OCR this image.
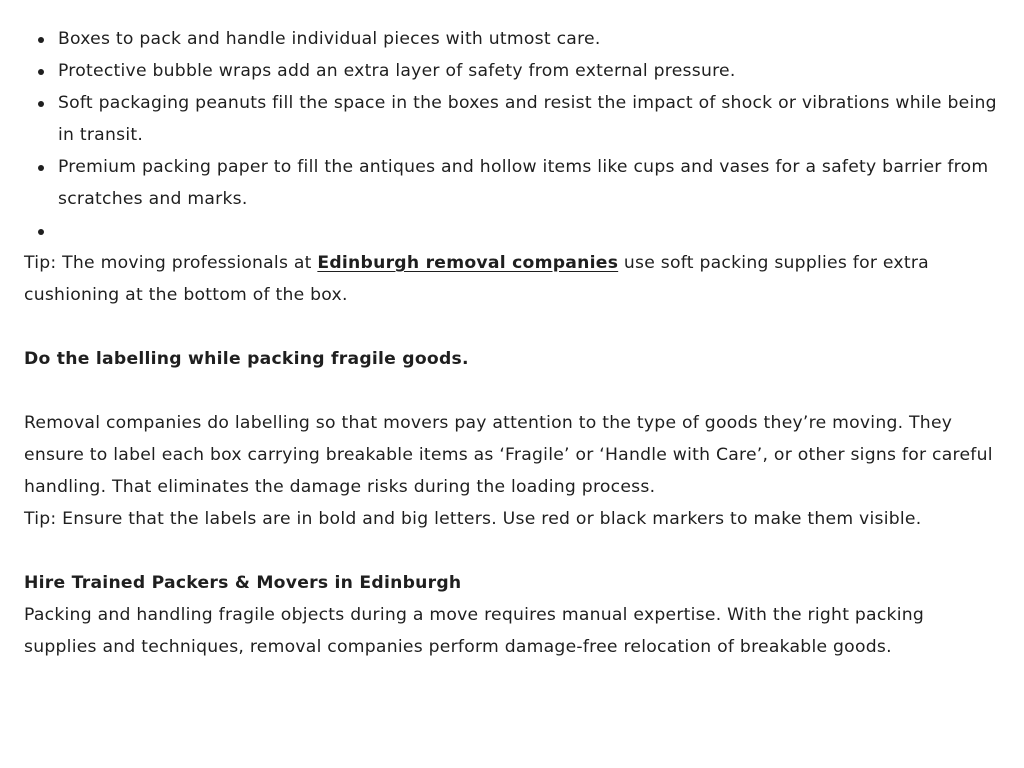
Boxes to pack and handle individual pieces with utmost care.
Protective bubble wraps add an extra layer of safety from external pressure.
Soft packaging peanuts fill the space in the boxes and resist the impact of shock or vibrations while being in transit.
Premium packing paper to fill the antiques and hollow items like cups and vases for a safety barrier from scratches and marks.

Tip: The moving professionals at Edinburgh removal companies use soft packing supplies for extra cushioning at the bottom of the box.

Do the labelling while packing fragile goods.

Removal companies do labelling so that movers pay attention to the type of goods they’re moving. They ensure to label each box carrying breakable items as ‘Fragile’ or ‘Handle with Care’, or other signs for careful handling. That eliminates the damage risks during the loading process.

Tip: Ensure that the labels are in bold and big letters. Use red or black markers to make them visible.

Hire Trained Packers & Movers in Edinburgh

Packing and handling fragile objects during a move requires manual expertise. With the right packing supplies and techniques, removal companies perform damage-free relocation of breakable goods.
